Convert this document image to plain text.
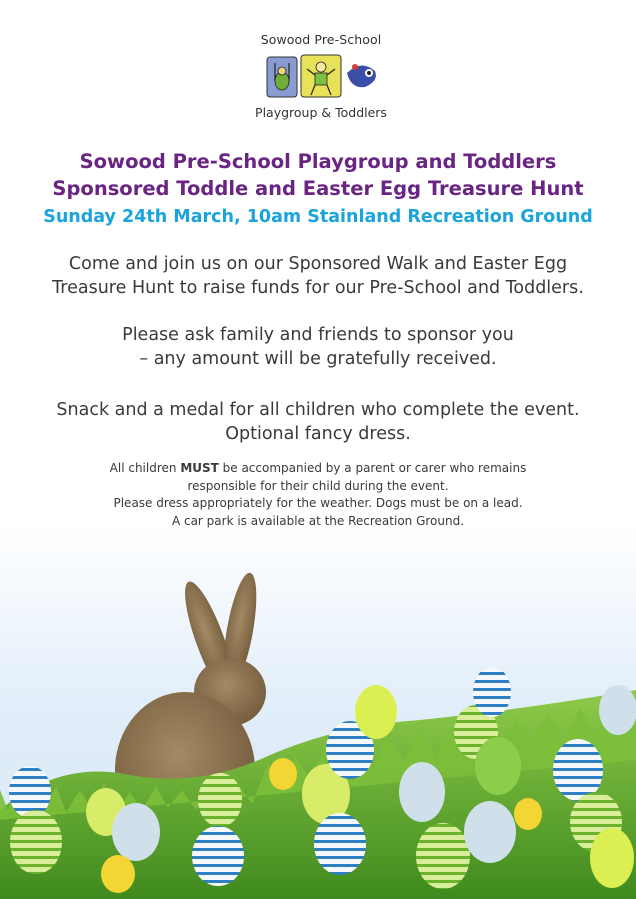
Sowood Pre-School
Playgroup & Toddlers
Sowood Pre-School Playgroup and Toddlers
Sponsored Toddle and Easter Egg Treasure Hunt
Sunday 24th March, 10am Stainland Recreation Ground
Come and join us on our Sponsored Walk and Easter Egg
Treasure Hunt to raise funds for our Pre-School and Toddlers.
Please ask family and friends to sponsor you
– any amount will be gratefully received.
Snack and a medal for all children who complete the event.
Optional fancy dress.
All children MUST be accompanied by a parent or carer who remains
responsible for their child during the event.
Please dress appropriately for the weather. Dogs must be on a lead.
A car park is available at the Recreation Ground.
